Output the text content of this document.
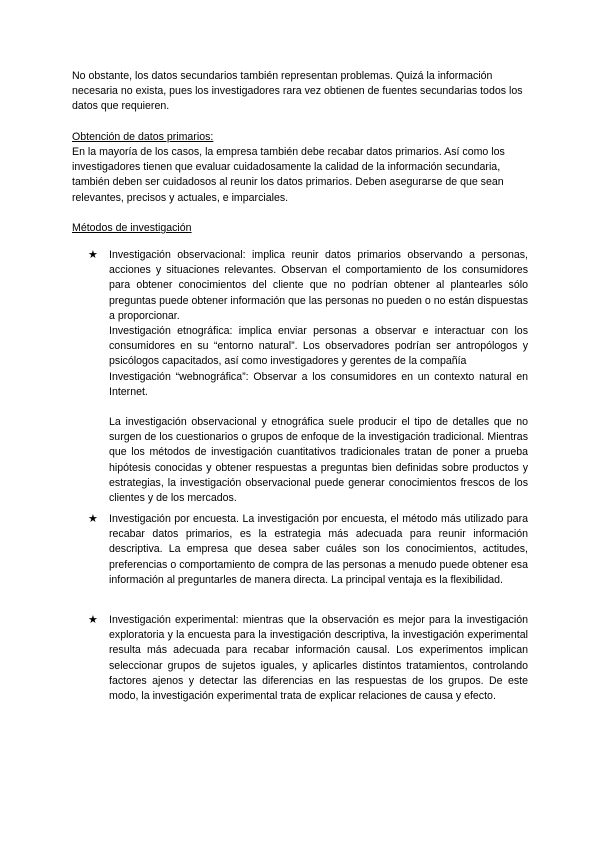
No obstante, los datos secundarios también representan problemas. Quizá la información necesaria no exista, pues los investigadores rara vez obtienen de fuentes secundarias todos los datos que requieren.

Obtención de datos primarios:

En la mayoría de los casos, la empresa también debe recabar datos primarios. Así como los investigadores tienen que evaluar cuidadosamente la calidad de la información secundaria, también deben ser cuidadosos al reunir los datos primarios. Deben asegurarse de que sean relevantes, precisos y actuales, e imparciales.

Métodos de investigación

★	Investigación observacional: implica reunir datos primarios observando a personas, acciones y situaciones relevantes. Observan el comportamiento de los consumidores para obtener conocimientos del cliente que no podrían obtener al plantearles sólo preguntas puede obtener información que las personas no pueden o no están dispuestas a proporcionar.

Investigación etnográfica: implica enviar personas a observar e interactuar con los consumidores en su “entorno natural”. Los observadores podrían ser antropólogos y psicólogos capacitados, así como investigadores y gerentes de la compañía

Investigación “webnográfica”: Observar a los consumidores en un contexto natural en Internet.

La investigación observacional y etnográfica suele producir el tipo de detalles que no surgen de los cuestionarios o grupos de enfoque de la investigación tradicional. Mientras que los métodos de investigación cuantitativos tradicionales tratan de poner a prueba hipótesis conocidas y obtener respuestas a preguntas bien definidas sobre productos y estrategias, la investigación observacional puede generar conocimientos frescos de los clientes y de los mercados.

★	Investigación por encuesta. La investigación por encuesta, el método más utilizado para recabar datos primarios, es la estrategia más adecuada para reunir información descriptiva. La empresa que desea saber cuáles son los conocimientos, actitudes, preferencias o comportamiento de compra de las personas a menudo puede obtener esa información al preguntarles de manera directa. La principal ventaja es la flexibilidad.

★	Investigación experimental: mientras que la observación es mejor para la investigación exploratoria y la encuesta para la investigación descriptiva, la investigación experimental resulta más adecuada para recabar información causal. Los experimentos implican seleccionar grupos de sujetos iguales, y aplicarles distintos tratamientos, controlando factores ajenos y detectar las diferencias en las respuestas de los grupos. De este modo, la investigación experimental trata de explicar relaciones de causa y efecto.
